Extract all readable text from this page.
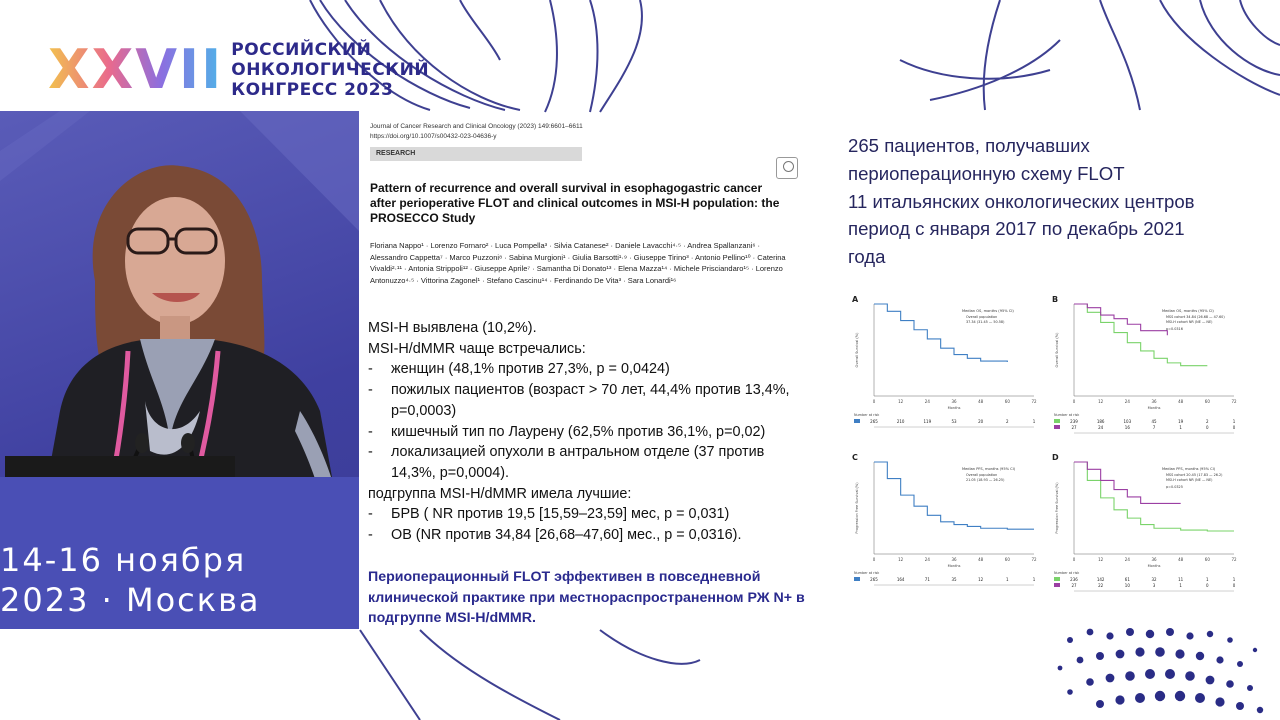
XXVII РОССИЙСКИЙ
ОНКОЛОГИЧЕСКИЙ
КОНГРЕСС 2023
14-16 ноября
2023 · Москва
Journal of Cancer Research and Clinical Oncology (2023) 149:6601–6611
https://doi.org/10.1007/s00432-023-04636-y
RESEARCH
Pattern of recurrence and overall survival in esophagogastric cancer after perioperative FLOT and clinical outcomes in MSI-H population: the PROSECCO Study
Floriana Nappo¹ · Lorenzo Fornaro² · Luca Pompella³ · Silvia Catanese² · Daniele Lavacchi⁴·⁵ · Andrea Spallanzani⁶ · Alessandro Cappetta⁷ · Marco Puzzoni⁸ · Sabina Murgioni¹ · Giulia Barsotti¹·⁹ · Giuseppe Tirino³ · Antonio Pellino¹⁰ · Caterina Vivaldi²·¹¹ · Antonia Strippoli¹² · Giuseppe Aprile⁷ · Samantha Di Donato¹³ · Elena Mazza¹⁴ · Michele Prisciandaro¹⁵ · Lorenzo Antonuzzo⁴·⁵ · Vittorina Zagonel¹ · Stefano Cascinu¹⁴ · Ferdinando De Vita³ · Sara Lonardi¹⁶
MSI-H выявлена (10,2%).
MSI-H/dMMR чаще встречались:
-	женщин (48,1% против 27,3%, p = 0,0424)
-	пожилых пациентов (возраст > 70 лет, 44,4% против 13,4%,
p=0,0003)
-	кишечный тип по Лаурену (62,5% против 36,1%, p=0,02)
-	локализацией опухоли в антральном отделе (37 против
14,3%, p=0,0004).
подгруппа MSI-H/dMMR имела лучшие:
-	БРВ ( NR против 19,5 [15,59–23,59] мес, p = 0,031)
-	ОВ (NR против 34,84 [26,68–47,60] мес., p = 0,0316).
Периоперационный FLOT эффективен в повседневной клинической практике при местнораспространенном РЖ N+ в подгруппе MSI-H/dMMR.
265 пациентов, получавших
периоперационную схему FLOT
11 итальянских онкологических центров
период с января 2017 по декабрь 2021
года
A
Overall Survival (%)
0	12	24	36	48	60	72
Months
Median OS, months (95% CI)
Overall population
37.34 (31.45 — 50.58)
Number at risk
265	210	119	53	20	2	1
B
Overall Survival (%)
0	12	24	36	48	60	72
Months
Median OS, months (95% CI)
MSS cohort 34.84 (26.68 — 47.60)
MSI-H cohort NR (NE — NE)
p=0.0316
Number at risk
239	186	103	45	19	2	1
27	24	16	7	1	0	0
C
Progression Free Survival (%)
0	12	24	36	48	60	72
Months
Median PFS, months (95% CI)
Overall population
21.05 (18.93 — 26.25)
Number at risk
265	164	71	35	12	1	1
D
Progression Free Survival (%)
0	12	24	36	48	60	72
Months
Median PFS, months (95% CI)
MSS cohort 20.45 (17.83 — 26.2)
MSI-H cohort NR (NE — NE)
p=0.0325
Number at risk
236	142	61	32	11	1	1
27	22	10	3	1	0	0
